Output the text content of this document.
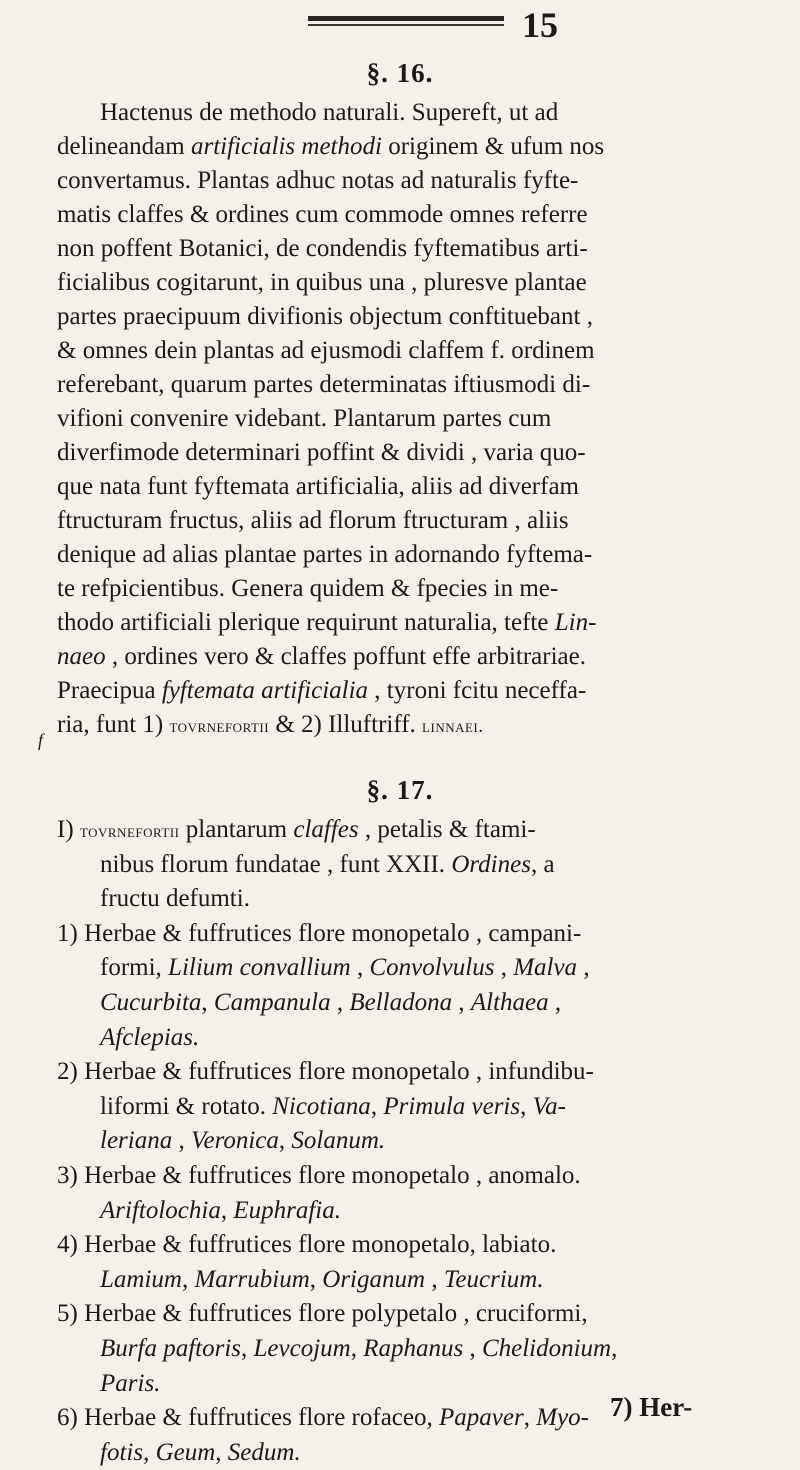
15
§. 16.
Hactenus de methodo naturali. Supereft, ut ad
delineandam artificialis methodi originem & ufum nos
convertamus. Plantas adhuc notas ad naturalis fyfte-
matis claffes & ordines cum commode omnes referre
non poffent Botanici, de condendis fyftematibus arti-
ficialibus cogitarunt, in quibus una , pluresve plantae
partes praecipuum divifionis objectum conftituebant ,
& omnes dein plantas ad ejusmodi claffem f. ordinem
referebant, quarum partes determinatas iftiusmodi di-
vifioni convenire videbant. Plantarum partes cum
diverfimode determinari poffint & dividi , varia quo-
que nata funt fyftemata artificialia, aliis ad diverfam
ftructuram fructus, aliis ad florum ftructuram , aliis
denique ad alias plantae partes in adornando fyftema-
te refpicientibus. Genera quidem & fpecies in me-
thodo artificiali plerique requirunt naturalia, tefte Lin-
naeo , ordines vero & claffes poffunt effe arbitrariae.
Praecipua fyftemata artificialia , tyroni fcitu neceffa-
ria, funt 1) tovrnefortii & 2) Illuftriff. linnaei.
§. 17.
I) tovrnefortii plantarum claffes , petalis & ftami-
nibus florum fundatae , funt XXII. Ordines, a
fructu defumti.
1) Herbae & fuffrutices flore monopetalo , campani-
formi, Lilium convallium , Convolvulus , Malva ,
Cucurbita, Campanula , Belladona , Althaea ,
Afclepias.
2) Herbae & fuffrutices flore monopetalo , infundibu-
liformi & rotato. Nicotiana, Primula veris, Va-
leriana , Veronica, Solanum.
3) Herbae & fuffrutices flore monopetalo , anomalo.
Ariftolochia, Euphrafia.
4) Herbae & fuffrutices flore monopetalo, labiato.
Lamium, Marrubium, Origanum , Teucrium.
5) Herbae & fuffrutices flore polypetalo , cruciformi,
Burfa paftoris, Levcojum, Raphanus , Chelidonium,
Paris.
6) Herbae & fuffrutices flore rofaceo, Papaver, Myo-
fotis, Geum, Sedum.
f
7) Her-
